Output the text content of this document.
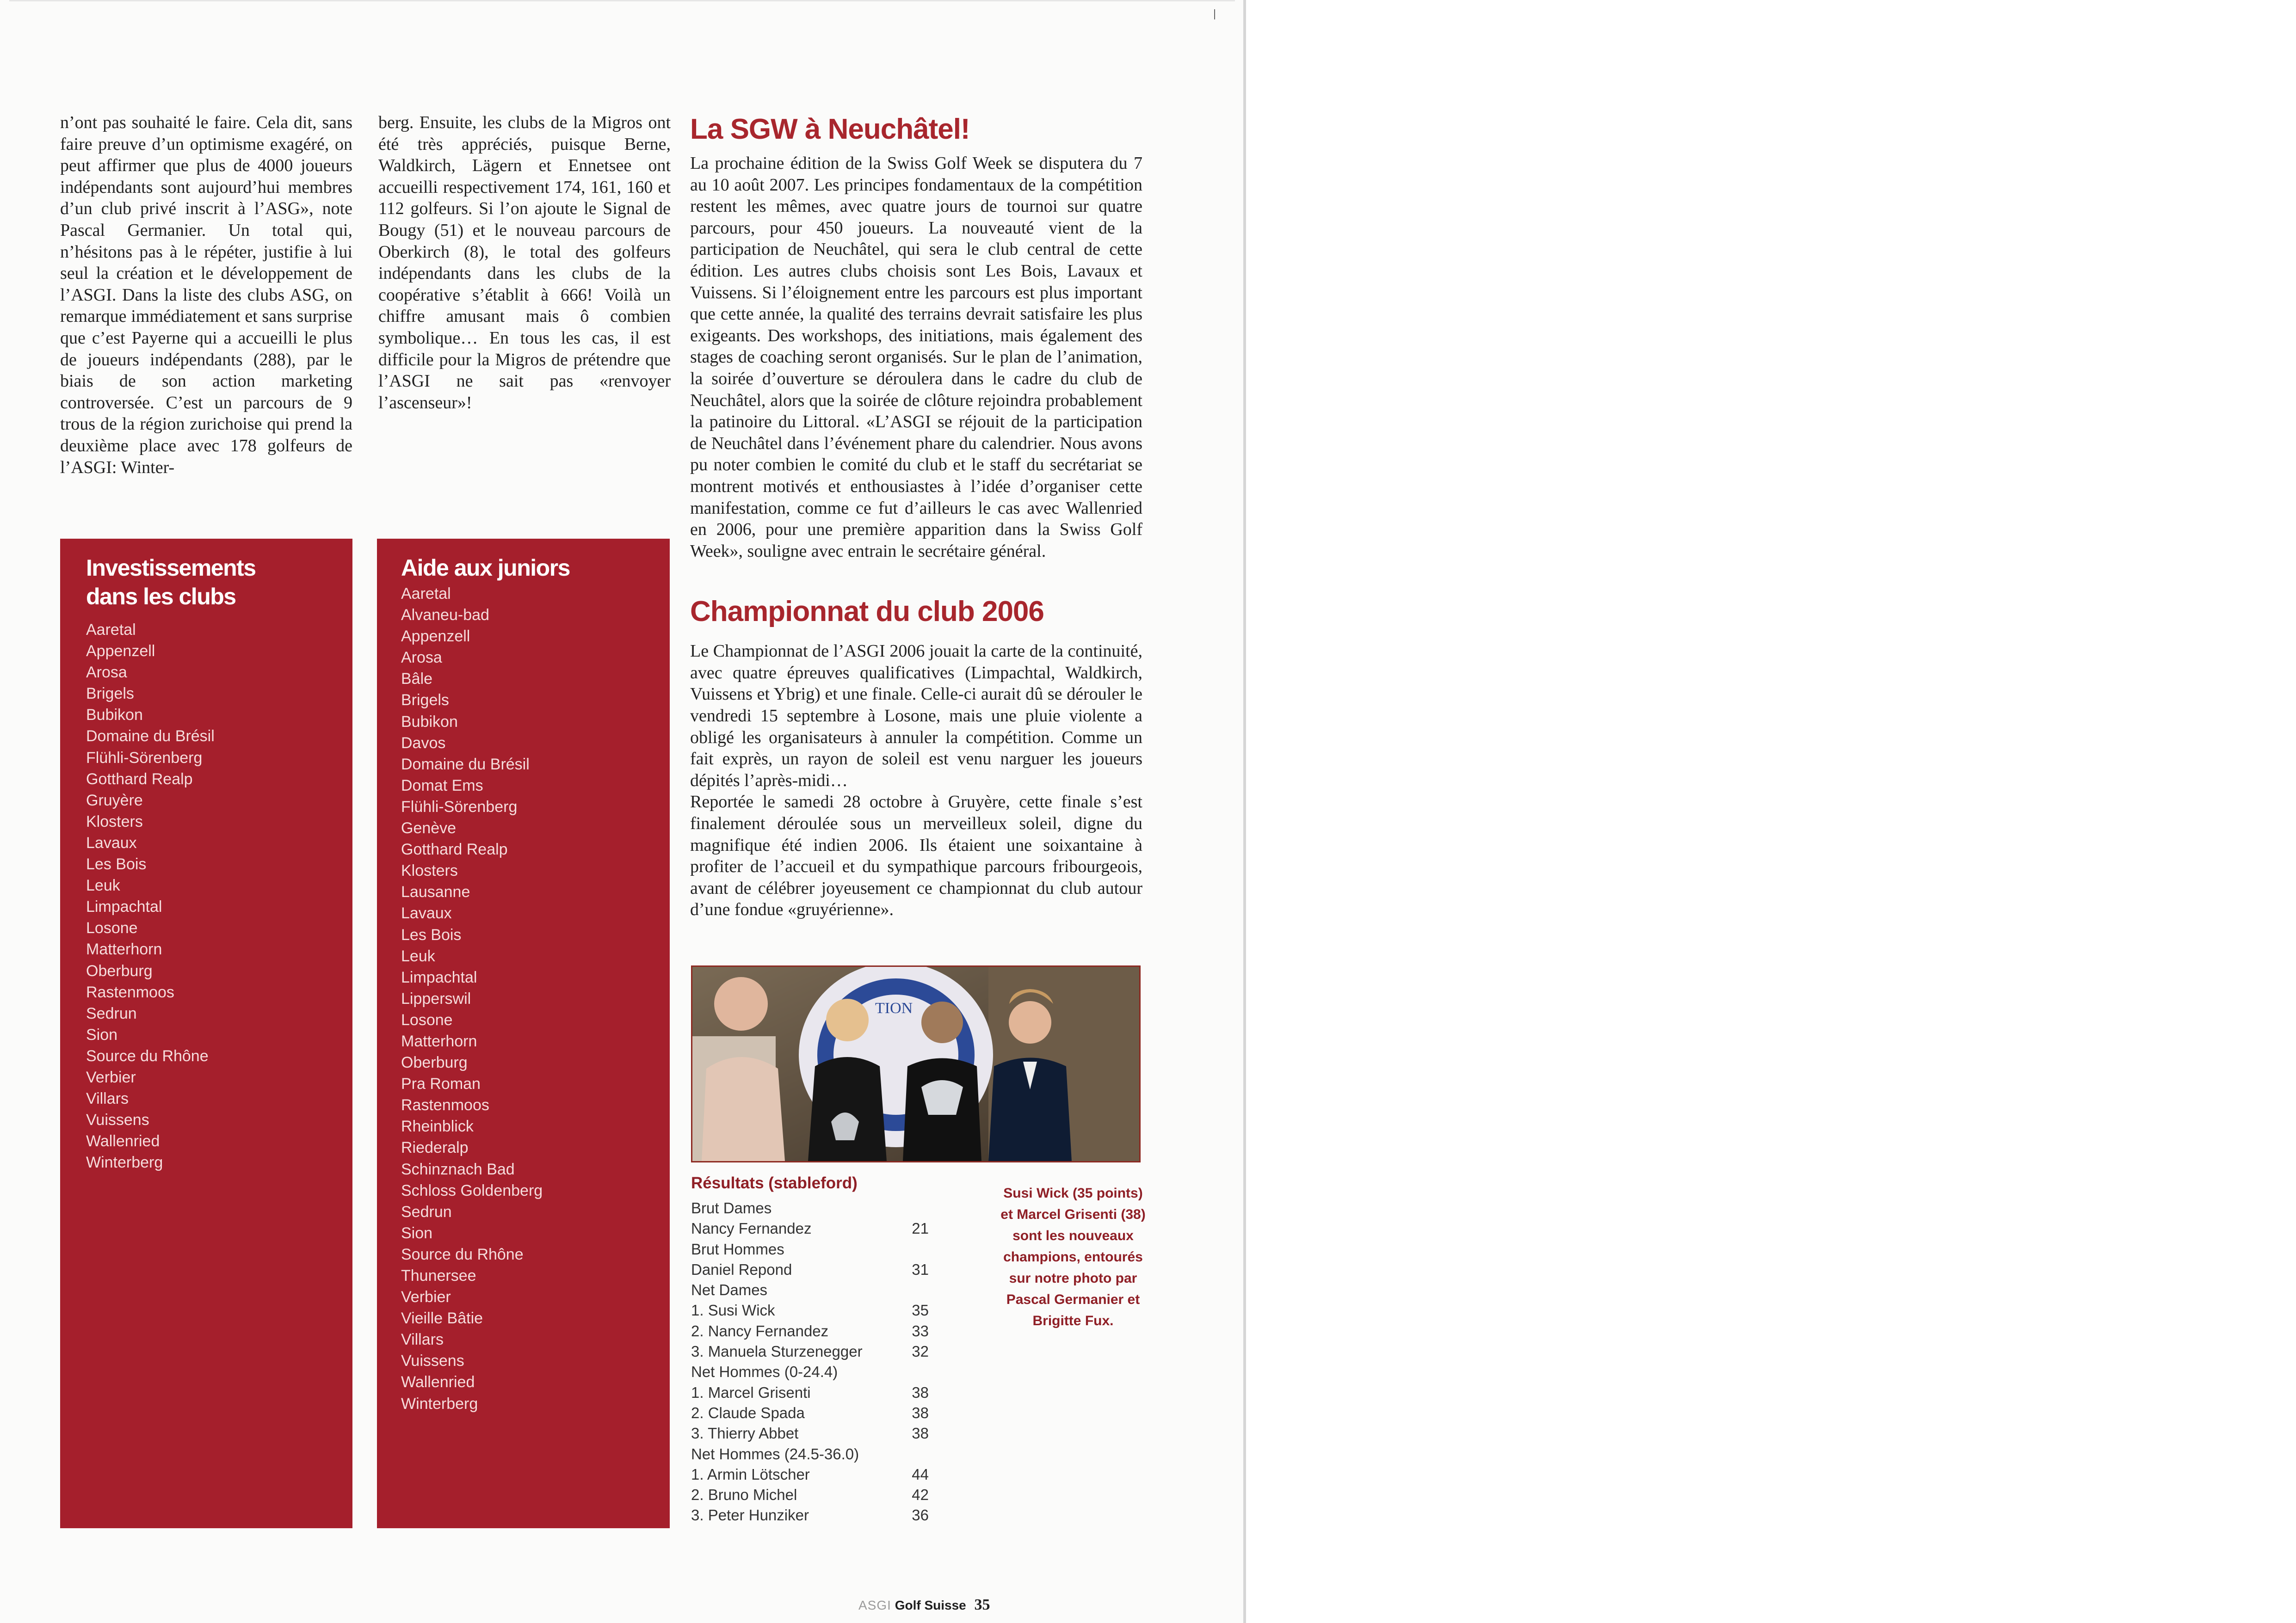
n’ont pas souhaité le faire. Cela dit, sans faire preuve d’un optimisme exagéré, on peut affirmer que plus de 4000 joueurs indépendants sont aujourd’hui membres d’un club privé inscrit à l’ASG», note Pascal Germanier. Un total qui, n’hésitons pas à le répéter, justifie à lui seul la création et le développement de l’ASGI. Dans la liste des clubs ASG, on remarque immédiatement et sans surprise que c’est Payerne qui a accueilli le plus de joueurs indépendants (288), par le biais de son action marketing controversée. C’est un parcours de 9 trous de la région zurichoise qui prend la deuxième place avec 178 golfeurs de l’ASGI: Winter-

berg. Ensuite, les clubs de la Migros ont été très appréciés, puisque Berne, Waldkirch, Lägern et Ennetsee ont accueilli respectivement 174, 161, 160 et 112 golfeurs. Si l’on ajoute le Signal de Bougy (51) et le nouveau parcours de Oberkirch (8), le total des golfeurs indépendants dans les clubs de la coopérative s’établit à 666! Voilà un chiffre amusant mais ô combien symbolique… En tous les cas, il est difficile pour la Migros de prétendre que l’ASGI ne sait pas «renvoyer l’ascenseur»!

La SGW à Neuchâtel!

La prochaine édition de la Swiss Golf Week se disputera du 7 au 10 août 2007. Les principes fondamentaux de la compétition restent les mêmes, avec quatre jours de tournoi sur quatre parcours, pour 450 joueurs. La nouveauté vient de la participation de Neuchâtel, qui sera le club central de cette édition. Les autres clubs choisis sont Les Bois, Lavaux et Vuissens. Si l’éloignement entre les parcours est plus important que cette année, la qualité des terrains devrait satisfaire les plus exigeants. Des workshops, des initiations, mais également des stages de coaching seront organisés. Sur le plan de l’animation, la soirée d’ouverture se déroulera dans le cadre du club de Neuchâtel, alors que la soirée de clôture rejoindra probablement la patinoire du Littoral. «L’ASGI se réjouit de la participation de Neuchâtel dans l’événement phare du calendrier. Nous avons pu noter combien le comité du club et le staff du secrétariat se montrent motivés et enthousiastes à l’idée d’organiser cette manifestation, comme ce fut d’ailleurs le cas avec Wallenried en 2006, pour une première apparition dans la Swiss Golf Week», souligne avec entrain le secrétaire général.

Championnat du club 2006

Le Championnat de l’ASGI 2006 jouait la carte de la continuité, avec quatre épreuves qualificatives (Limpachtal, Waldkirch, Vuissens et Ybrig) et une finale. Celle-ci aurait dû se dérouler le vendredi 15 septembre à Losone, mais une pluie violente a obligé les organisateurs à annuler la compétition. Comme un fait exprès, un rayon de soleil est venu narguer les joueurs dépités l’après-midi…

Reportée le samedi 28 octobre à Gruyère, cette finale s’est finalement déroulée sous un merveilleux soleil, digne du magnifique été indien 2006. Ils étaient une soixantaine à profiter de l’accueil et du sympathique parcours fribourgeois, avant de célébrer joyeusement ce championnat du club autour d’une fondue «gruyérienne».

Investissements
dans les clubs
Aaretal
Appenzell
Arosa
Brigels
Bubikon
Domaine du Brésil
Flühli-Sörenberg
Gotthard Realp
Gruyère
Klosters
Lavaux
Les Bois
Leuk
Limpachtal
Losone
Matterhorn
Oberburg
Rastenmoos
Sedrun
Sion
Source du Rhône
Verbier
Villars
Vuissens
Wallenried
Winterberg
Aide aux juniors
Aaretal
Alvaneu-bad
Appenzell
Arosa
Bâle
Brigels
Bubikon
Davos
Domaine du Brésil
Domat Ems
Flühli-Sörenberg
Genève
Gotthard Realp
Klosters
Lausanne
Lavaux
Les Bois
Leuk
Limpachtal
Lipperswil
Losone
Matterhorn
Oberburg
Pra Roman
Rastenmoos
Rheinblick
Riederalp
Schinznach Bad
Schloss Goldenberg
Sedrun
Sion
Source du Rhône
Thunersee
Verbier
Vieille Bâtie
Villars
Vuissens
Wallenried
Winterberg
TION
Résultats (stableford)
Brut Dames
Nancy Fernandez	21
Brut Hommes
Daniel Repond	31
Net Dames
1. Susi Wick	35
2. Nancy Fernandez	33
3. Manuela Sturzenegger	32
Net Hommes (0-24.4)
1. Marcel Grisenti	38
2. Claude Spada	38
3. Thierry Abbet	38
Net Hommes (24.5-36.0)
1. Armin Lötscher	44
2. Bruno Michel	42
3. Peter Hunziker	36

Susi Wick (35 points) et Marcel Grisenti (38) sont les nouveaux champions, entourés sur notre photo par Pascal Germanier et Brigitte Fux.

ASGI Golf Suisse 35
